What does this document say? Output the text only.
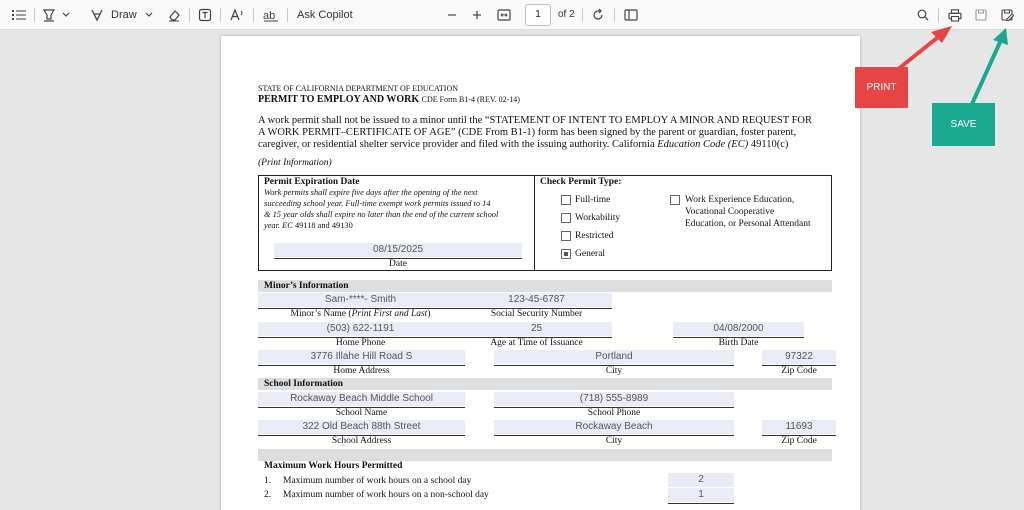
Draw	ab Ask Copilot	1	of 2
STATE OF CALIFORNIA DEPARTMENT OF EDUCATION
PERMIT TO EMPLOY AND WORK CDE Form B1-4 (REV. 02-14)
A work permit shall not be issued to a minor until the “STATEMENT OF INTENT TO EMPLOY A MINOR AND REQUEST FOR
A WORK PERMIT–CERTIFICATE OF AGE” (CDE From B1-1) form has been signed by the parent or guardian, foster parent,
caregiver, or residential shelter service provider and filed with the issuing authority. California Education Code (EC) 49110(c)
(Print Information)
Permit Expiration Date
Work permits shall expire five days after the opening of the next
succeeding school year. Full-time exempt work permits issued to 14
& 15 year olds shall expire no later than the end of the current school
year. EC 49118 and 49130
08/15/2025
Date
Check Permit Type:
Full-time
Workability
Restricted
General
Work Experience Education,
Vocational Cooperative
Education, or Personal Attendant
Minor’s Information
Sam-****- Smith
Minor’s Name (Print First and Last)
123-45-6787
Social Security Number
(503) 622-1191
Home Phone
25
Age at Time of Issuance
04/08/2000
Birth Date
3776 Illahe Hill Road S
Home Address
Portland
City
97322
Zip Code
School Information
Rockaway Beach Middle School
School Name
(718) 555-8989
School Phone
322 Old Beach 88th Street
School Address
Rockaway Beach
City
11693
Zip Code
Maximum Work Hours Permitted
1. Maximum number of work hours on a school day	2
2. Maximum number of work hours on a non-school day	1
PRINT
SAVE
